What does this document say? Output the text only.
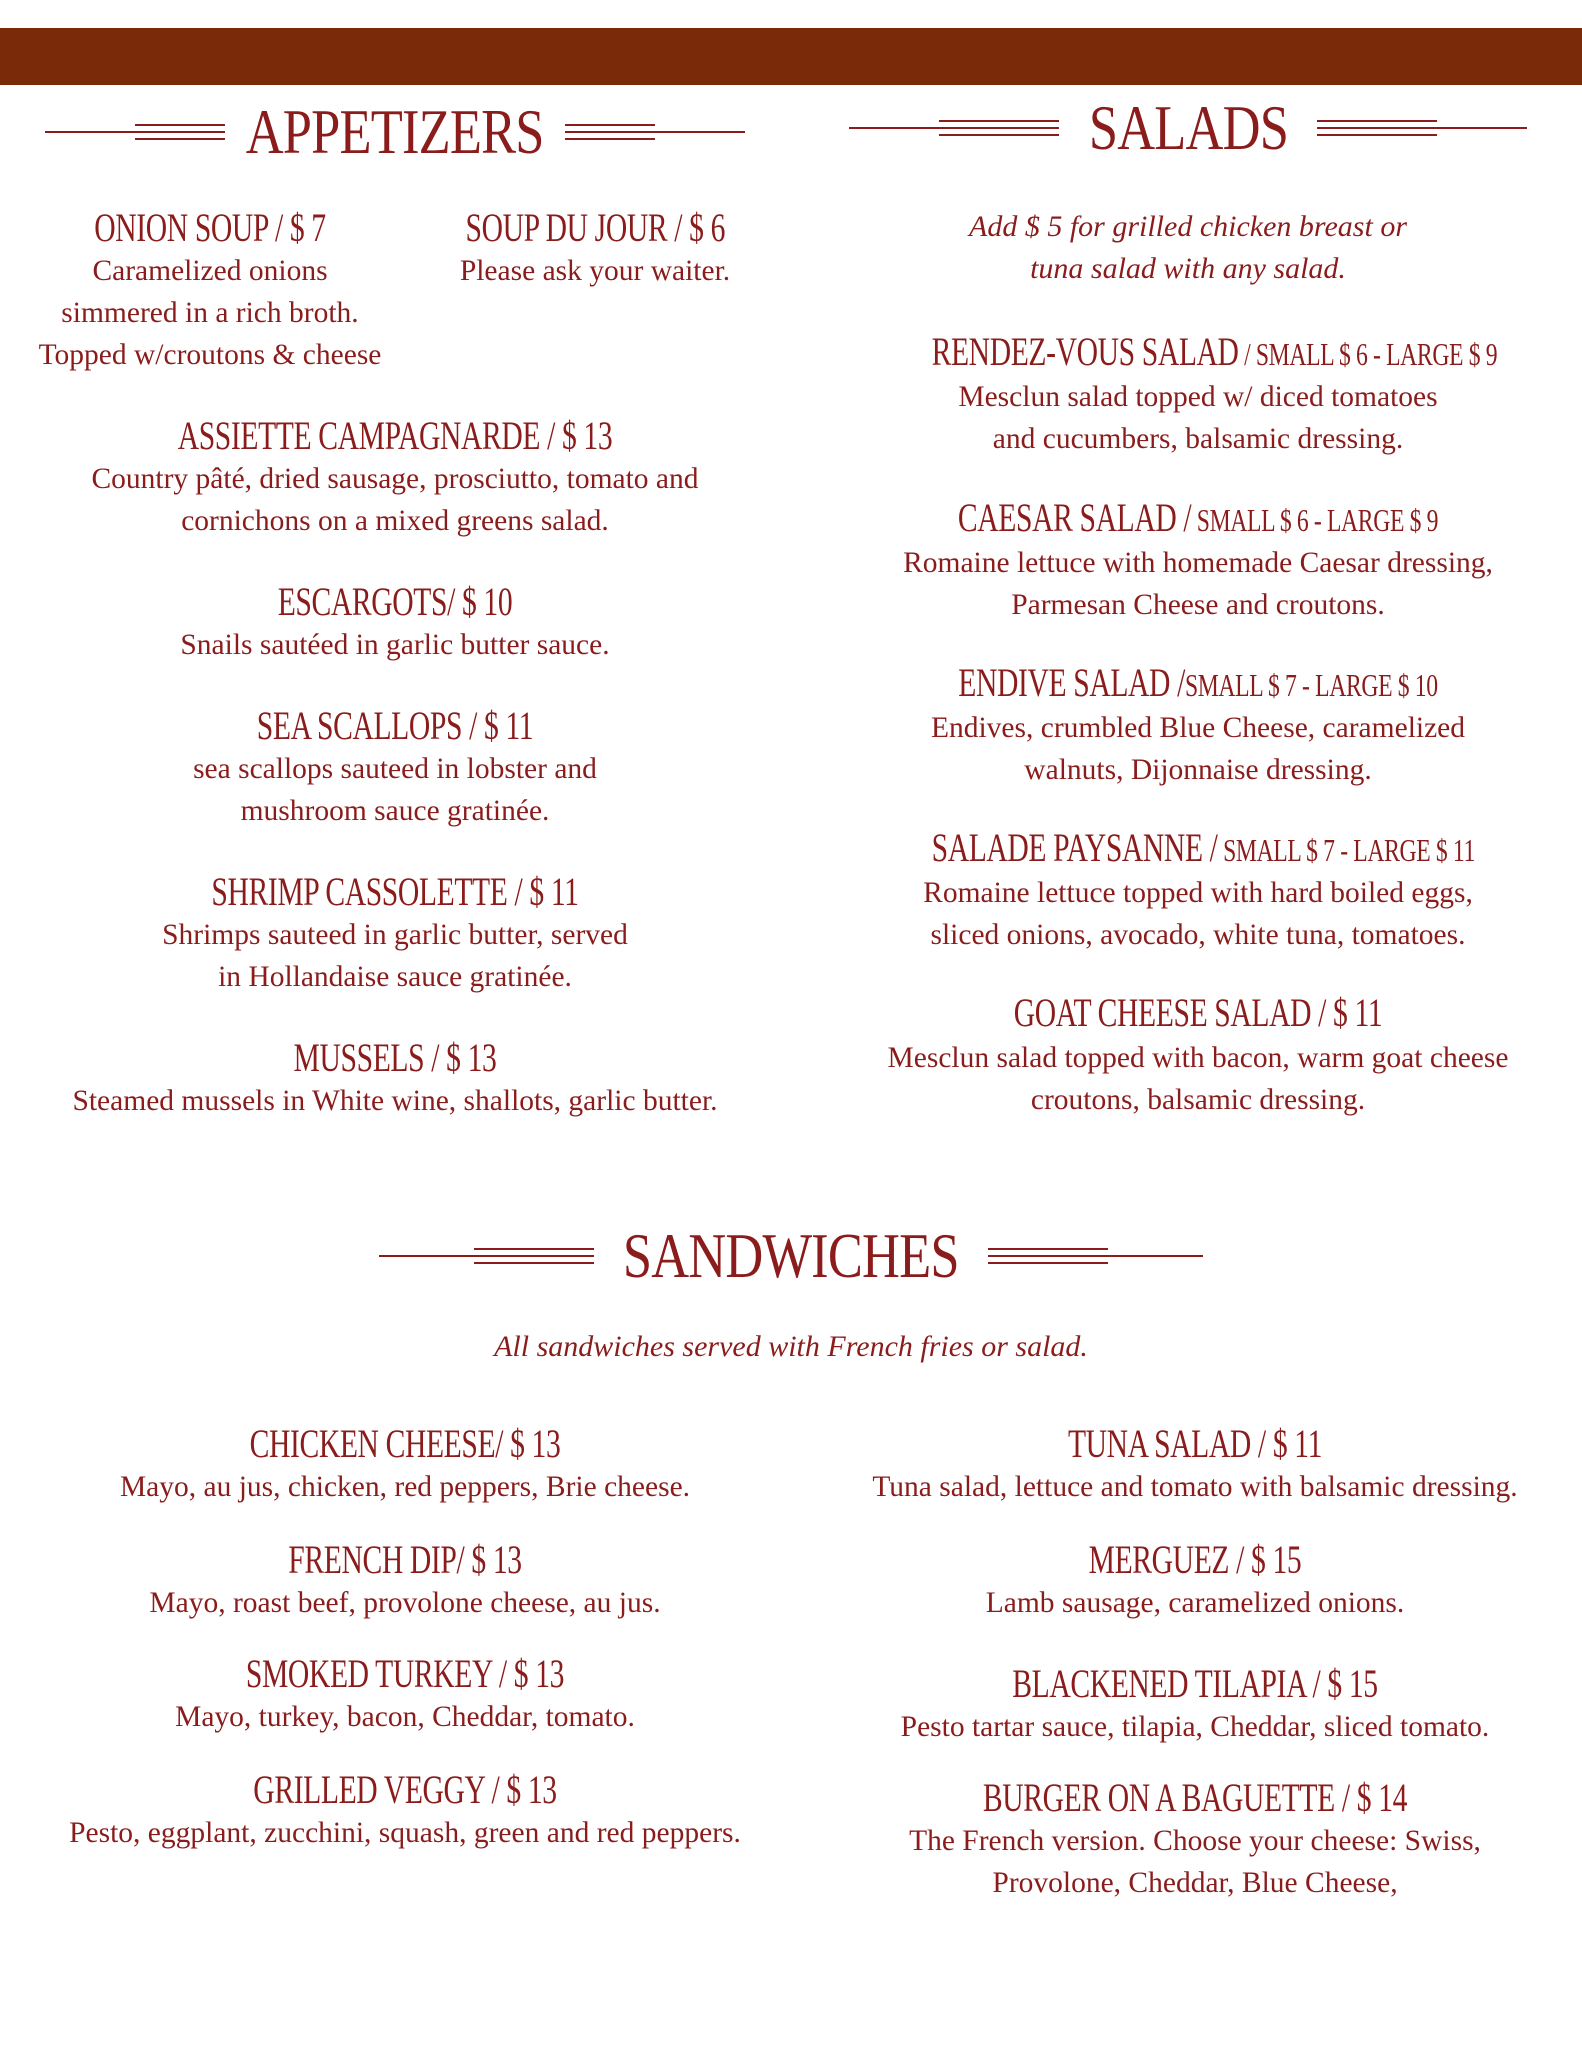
APPETIZERS	SALADS
ONION SOUP / $ 7
Caramelized onions
simmered in a rich broth.
Topped w/croutons & cheese
SOUP DU JOUR / $ 6
Please ask your waiter.
ASSIETTE CAMPAGNARDE / $ 13
Country pâté, dried sausage, prosciutto, tomato and
cornichons on a mixed greens salad.
ESCARGOTS/ $ 10
Snails sautéed in garlic butter sauce.
SEA SCALLOPS / $ 11
sea scallops sauteed in lobster and
mushroom sauce gratinée.
SHRIMP CASSOLETTE / $ 11
Shrimps sauteed in garlic butter, served
in Hollandaise sauce gratinée.
MUSSELS / $ 13
Steamed mussels in White wine, shallots, garlic butter.
Add $ 5 for grilled chicken breast or
tuna salad with any salad.
RENDEZ-VOUS SALAD / SMALL $ 6 - LARGE $ 9
Mesclun salad topped w/ diced tomatoes
and cucumbers, balsamic dressing.
CAESAR SALAD / SMALL $ 6 - LARGE $ 9
Romaine lettuce with homemade Caesar dressing,
Parmesan Cheese and croutons.
ENDIVE SALAD /SMALL $ 7 - LARGE $ 10
Endives, crumbled Blue Cheese, caramelized
walnuts, Dijonnaise dressing.
SALADE PAYSANNE / SMALL $ 7 - LARGE $ 11
Romaine lettuce topped with hard boiled eggs,
sliced onions, avocado, white tuna, tomatoes.
GOAT CHEESE SALAD / $ 11
Mesclun salad topped with bacon, warm goat cheese
croutons, balsamic dressing.
SANDWICHES
All sandwiches served with French fries or salad.
CHICKEN CHEESE/ $ 13
Mayo, au jus, chicken, red peppers, Brie cheese.
FRENCH DIP/ $ 13
Mayo, roast beef, provolone cheese, au jus.
SMOKED TURKEY / $ 13
Mayo, turkey, bacon, Cheddar, tomato.
GRILLED VEGGY / $ 13
Pesto, eggplant, zucchini, squash, green and red peppers.
TUNA SALAD / $ 11
Tuna salad, lettuce and tomato with balsamic dressing.
MERGUEZ / $ 15
Lamb sausage, caramelized onions.
BLACKENED TILAPIA / $ 15
Pesto tartar sauce, tilapia, Cheddar, sliced tomato.
BURGER ON A BAGUETTE / $ 14
The French version. Choose your cheese: Swiss,
Provolone, Cheddar, Blue Cheese,
